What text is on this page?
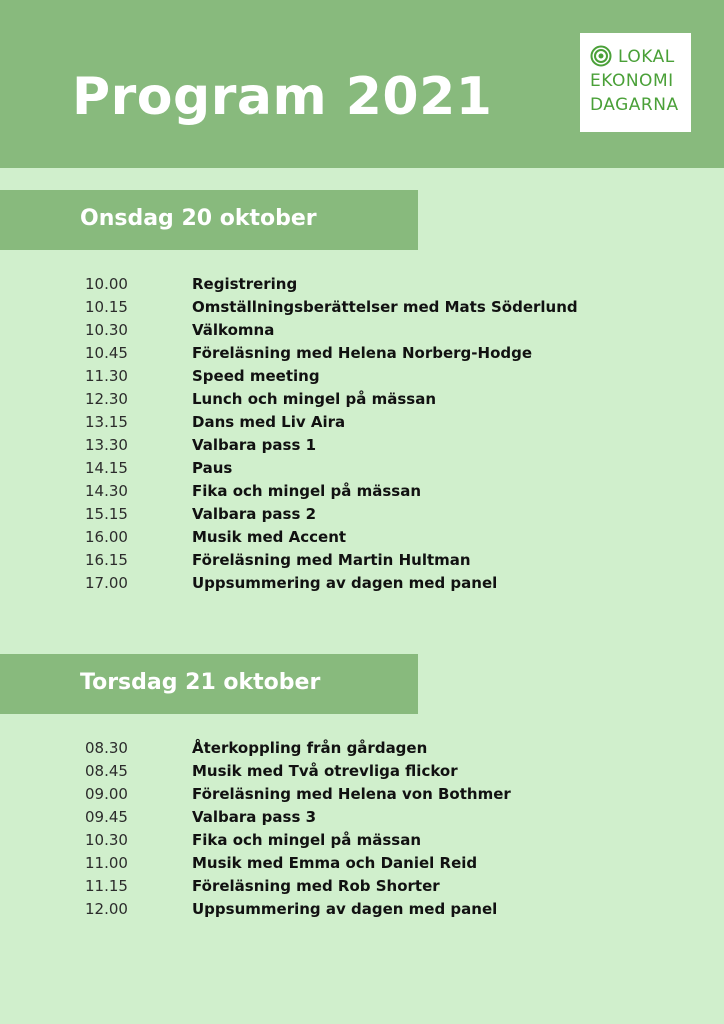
Program 2021
LOKAL
EKONOMI
DAGARNA
Onsdag 20 oktober
10.00	Registrering
10.15	Omställningsberättelser med Mats Söderlund
10.30	Välkomna
10.45	Föreläsning med Helena Norberg-Hodge
11.30	Speed meeting
12.30	Lunch och mingel på mässan
13.15	Dans med Liv Aira
13.30	Valbara pass 1
14.15	Paus
14.30	Fika och mingel på mässan
15.15	Valbara pass 2
16.00	Musik med Accent
16.15	Föreläsning med Martin Hultman
17.00	Uppsummering av dagen med panel
Torsdag 21 oktober
08.30	Återkoppling från gårdagen
08.45	Musik med Två otrevliga flickor
09.00	Föreläsning med Helena von Bothmer
09.45	Valbara pass 3
10.30	Fika och mingel på mässan
11.00	Musik med Emma och Daniel Reid
11.15	Föreläsning med Rob Shorter
12.00	Uppsummering av dagen med panel
